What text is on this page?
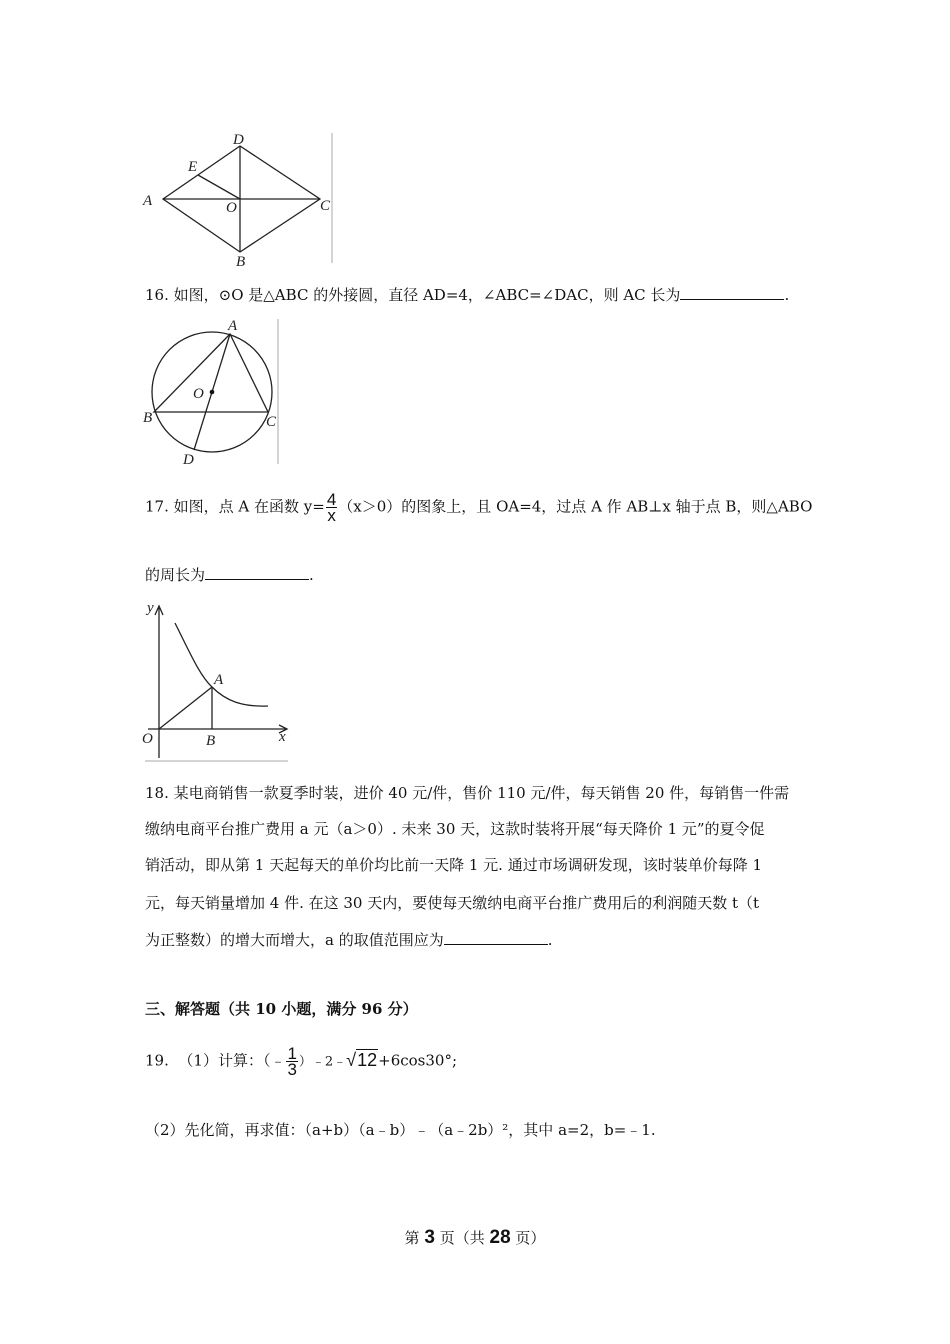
D
E
A	O	C
B
16. 如图，⊙O 是△ABC 的外接圆，直径 AD=4，∠ABC=∠DAC，则 AC 长为	.
A
O
B	C
D
17. 如图，点 A 在函数 $y= \frac{4}{x} (x>0)$的图象上，且 OA=4，过点 A 作 AB⊥x 轴于点 B，则△ABO
的周长为	.
y
A
O	B	x
18. 某电商销售一款夏季时装，进价 40 元/件，售价 110 元/件，每天销售 20 件，每销售一件需
缴纳电商平台推广费用 a 元（a＞0）. 未来 30 天，这款时装将开展“每天降价 1 元”的夏令促
销活动，即从第 1 天起每天的单价均比前一天降 1 元. 通过市场调研发现，该时装单价每降 1
元，每天销量增加 4 件. 在这 30 天内，要使每天缴纳电商平台推广费用后的利润随天数 t（t
为正整数）的增大而增大，a 的取值范围应为	.
三、解答题（共 10 小题，满分 96 分）
19. （1）计算：（﹣ $\frac{1}{3}$ ）﹣2﹣√12+6cos30°;
（2）先化简，再求值：（a+b）（a﹣b）﹣（a﹣2b）²，其中 a=2，b=﹣1.
第 3 页（共 28 页）
